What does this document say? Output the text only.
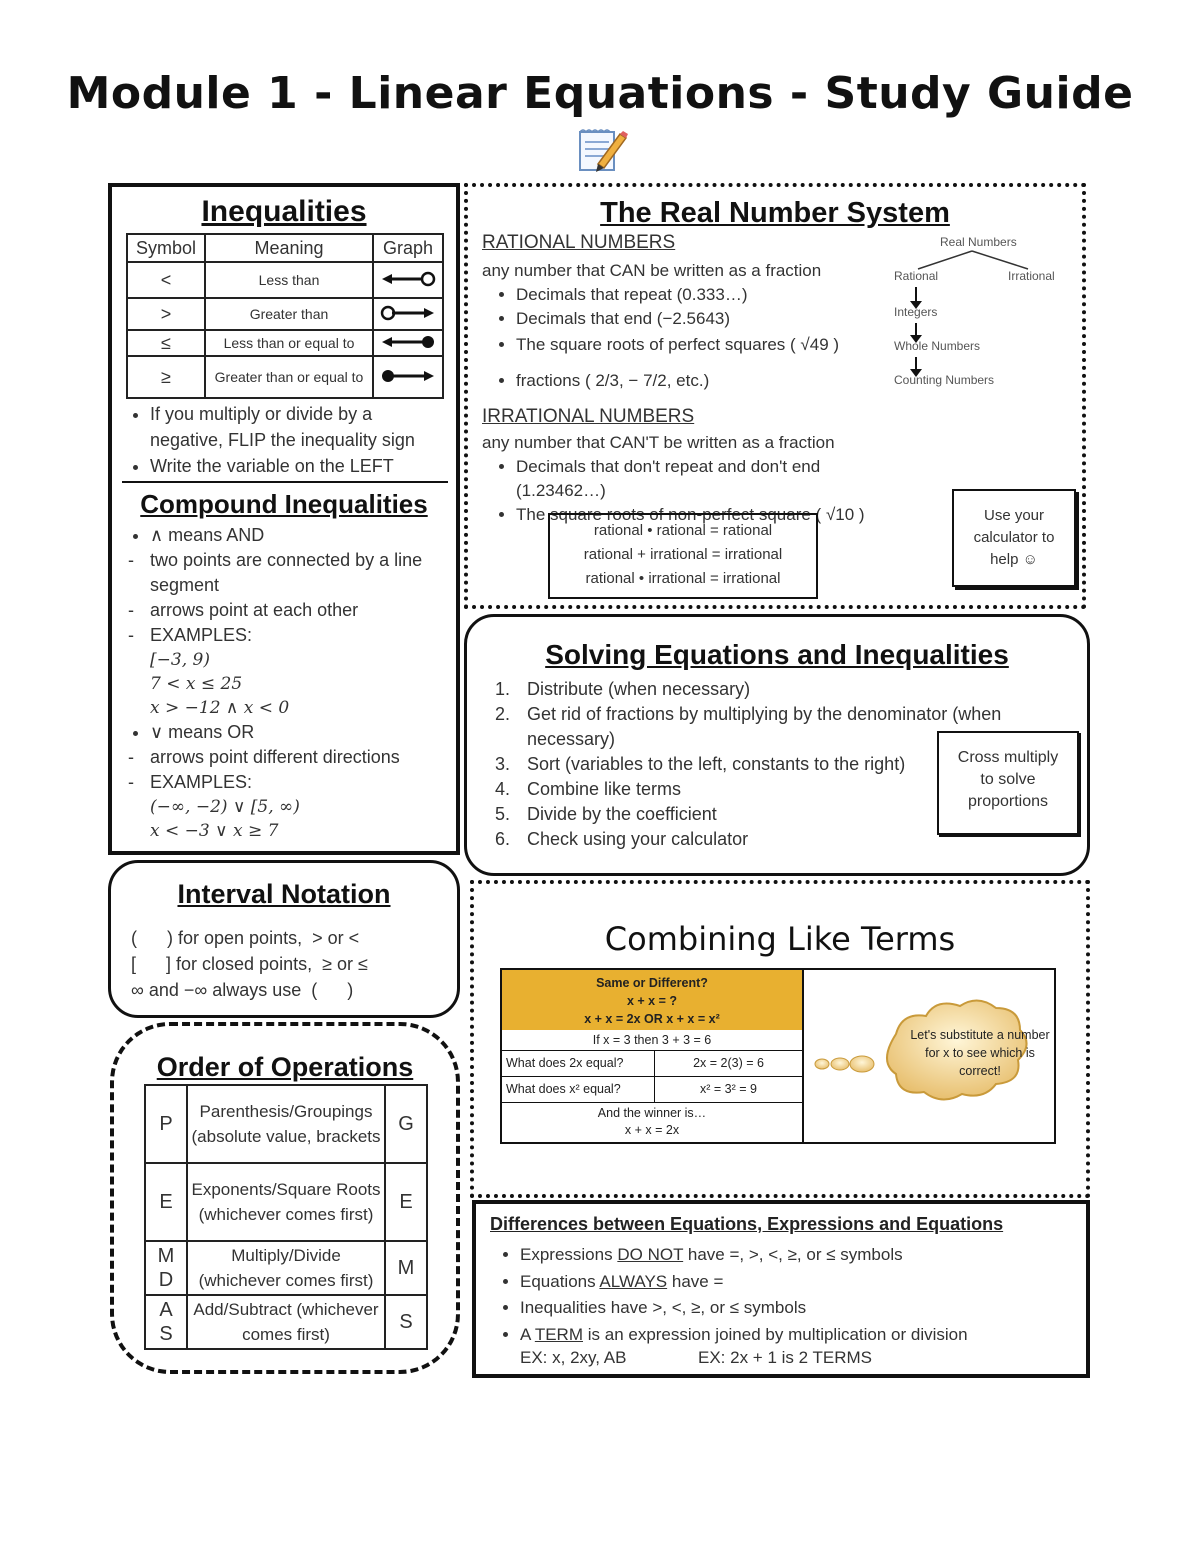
Module 1 - Linear Equations - Study Guide
Inequalities
Symbol	Meaning	Graph
<	Less than	
>	Greater than	
≤	Less than or equal to	
≥	Greater than or equal to	
• If you multiply or divide by a negative, FLIP the inequality sign
• Write the variable on the LEFT
Compound Inequalities
• ∧ means AND
- two points are connected by a line segment
- arrows point at each other
- EXAMPLES:
[−3, 9)
7 < x ≤ 25
x > −12 ∧ x < 0
• ∨ means OR
- arrows point different directions
- EXAMPLES:
(−∞, −2) ∨ [5, ∞)
x < −3 ∨ x ≥ 7
Interval Notation
(      ) for open points,  > or <
[      ] for closed points,  ≥ or ≤
∞ and −∞ always use  (      )
Order of Operations
P	Parenthesis/Groupings (absolute value, brackets	G
E	Exponents/Square Roots (whichever comes first)	E
M D	Multiply/Divide (whichever comes first)	M
A S	Add/Subtract (whichever comes first)	S
The Real Number System
RATIONAL NUMBERS
any number that CAN be written as a fraction
• Decimals that repeat (0.333…)
• Decimals that end (−2.5643)
• The square roots of perfect squares ( √49 )
• fractions ( 2/3, − 7/2, etc.)
IRRATIONAL NUMBERS
any number that CAN'T be written as a fraction
• Decimals that don't repeat and don't end (1.23462…)
• The square roots of non-perfect square ( √10 )
Real Numbers
Rational	Irrational
Integers
Whole Numbers
Counting Numbers
rational • rational = rational
rational + irrational = irrational
rational • irrational = irrational
Use your calculator to help ☺
Solving Equations and Inequalities
1. Distribute (when necessary)
2. Get rid of fractions by multiplying by the denominator (when necessary)
3. Sort (variables to the left, constants to the right)
4. Combine like terms
5. Divide by the coefficient
6. Check using your calculator
Cross multiply to solve proportions
Combining Like Terms
Same or Different?
x + x = ?
x + x = 2x OR x + x = x²
If x = 3 then 3 + 3 = 6
What does 2x equal?	2x = 2(3) = 6
What does x² equal?	x² = 3² = 9
And the winner is…
x + x = 2x
Let's substitute a number for x to see which is correct!
Differences between Equations, Expressions and Equations
• Expressions DO NOT have =, >, <, ≥, or ≤ symbols
• Equations ALWAYS have =
• Inequalities have >, <, ≥, or ≤ symbols
• A TERM is an expression joined by multiplication or division
EX: x, 2xy, AB	EX: 2x + 1 is 2 TERMS
